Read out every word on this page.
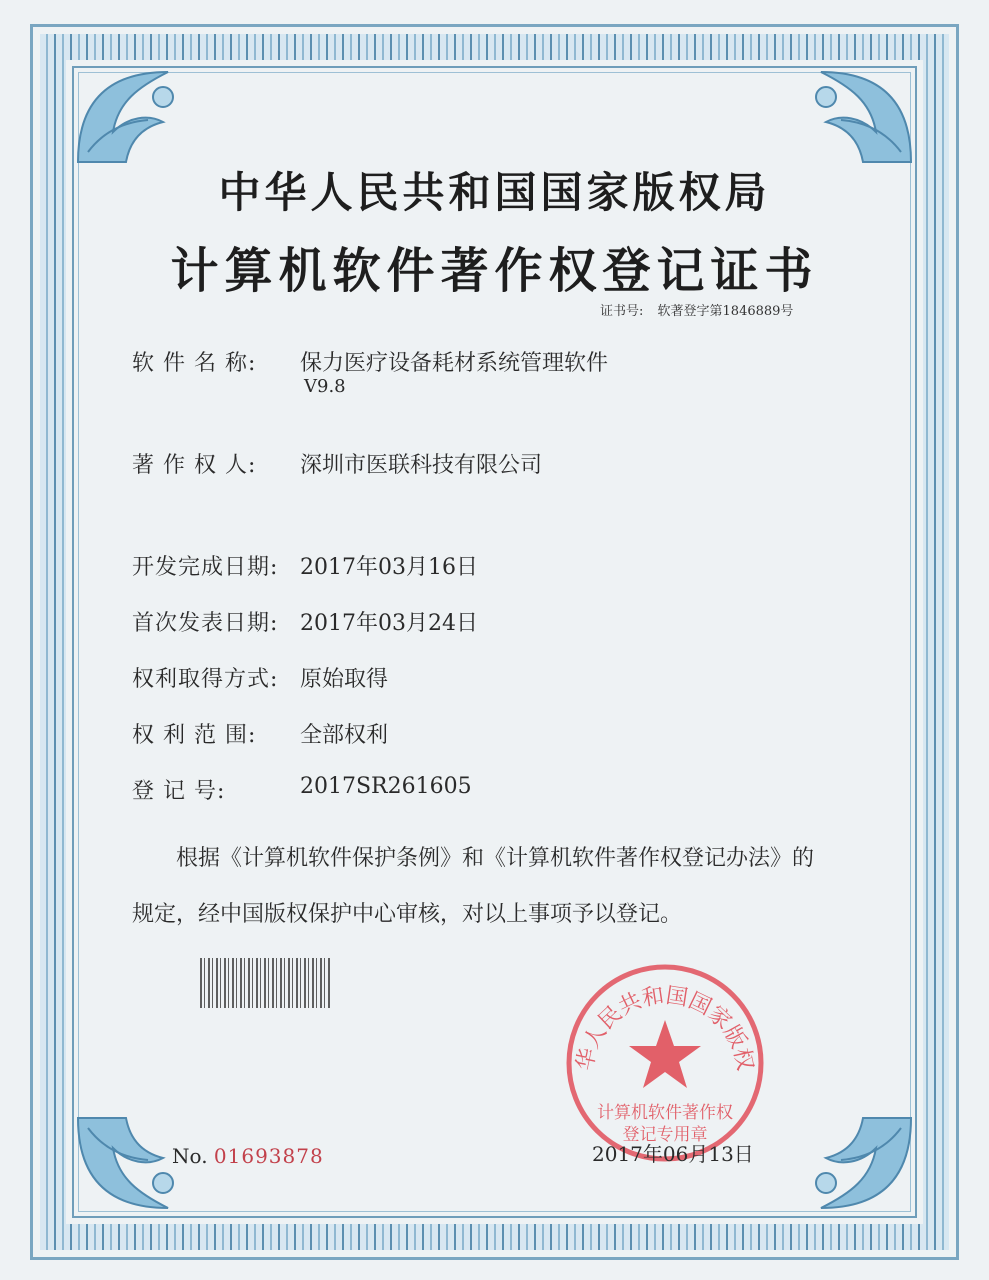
中华人民共和国国家版权局
计算机软件著作权登记证书
证书号: 软著登字第1846889号
软 件 名 称:	保力医疗设备耗材系统管理软件
V9.8
著 作 权 人:	深圳市医联科技有限公司
开发完成日期: 2017年03月16日
首次发表日期: 2017年03月24日
权利取得方式: 原始取得
权 利 范 围:	全部权利
登 记 号:	2017SR261605
根据《计算机软件保护条例》和《计算机软件著作权登记办法》的
规定，经中国版权保护中心审核，对以上事项予以登记。
华人民共和国国家版权
计算机软件著作权
登记专用章
No. 01693878	2017年06月13日
